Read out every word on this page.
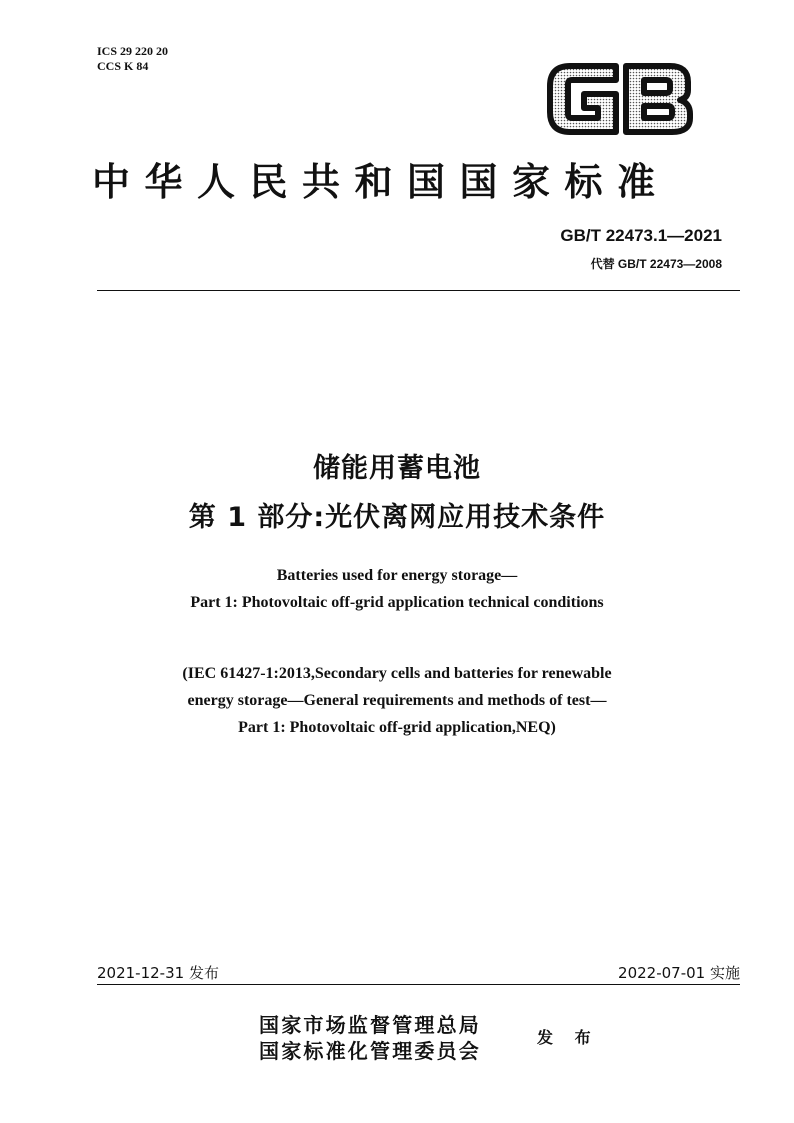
ICS 29 220 20
CCS K 84
GB
中华人民共和国国家标准
GB/T 22473.1—2021
代替 GB/T 22473—2008
储能用蓄电池
第 1 部分:光伏离网应用技术条件
Batteries used for energy storage—
Part 1: Photovoltaic off-grid application technical conditions
(IEC 61427-1:2013,Secondary cells and batteries for renewable
energy storage—General requirements and methods of test—
Part 1: Photovoltaic off-grid application,NEQ)
2021-12-31 发布	2022-07-01 实施
国家市场监督管理总局
国家标准化管理委员会
发 布
